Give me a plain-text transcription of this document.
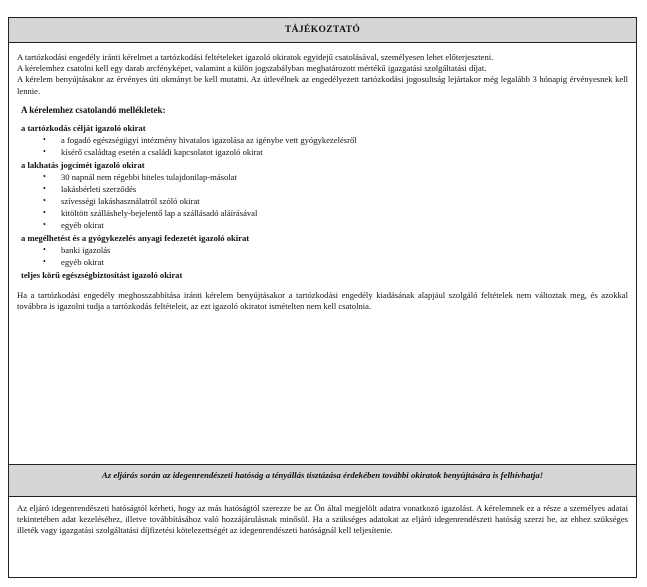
TÁJÉKOZTATÓ

A tartózkodási engedély iránti kérelmet a tartózkodási feltételeket igazoló okiratok egyidejű csatolásával, személyesen lehet előterjeszteni.

A kérelemhez csatolni kell egy darab arcfényképet, valamint a külön jogszabályban meghatározott mértékű igazgatási szolgáltatási díjat.

A kérelem benyújtásakor az érvényes úti okmányt be kell mutatni. Az útlevélnek az engedélyezett tartózkodási jogosultság lejártakor még legalább 3 hónapig érvényesnek kell lennie.

A kérelemhez csatolandó mellékletek:
a tartózkodás célját igazoló okirat
• a fogadó egészségügyi intézmény hivatalos igazolása az igénybe vett gyógykezelésről
• kísérő családtag esetén a családi kapcsolatot igazoló okirat
a lakhatás jogcímét igazoló okirat
• 30 napnál nem régebbi hiteles tulajdonilap-másolat
• lakásbérleti szerződés
• szívességi lakáshasználatról szóló okirat
• kitöltött szálláshely-bejelentő lap a szállásadó aláírásával
• egyéb okirat
a megélhetést és a gyógykezelés anyagi fedezetét igazoló okirat
• banki igazolás
• egyéb okirat
teljes körű egészségbiztosítást igazoló okirat

Ha a tartózkodási engedély meghosszabbítása iránti kérelem benyújtásakor a tartózkodási engedély kiadásának alapjául szolgáló feltételek nem változtak meg, és azokkal továbbra is igazolni tudja a tartózkodás feltételeit, az ezt igazoló okiratot ismételten nem kell csatolnia.

Az eljárás során az idegenrendészeti hatóság a tényállás tisztázása érdekében további okiratok benyújtására is felhívhatja!
Az eljáró idegenrendészeti hatóságtól kérheti, hogy az más hatóságtól szerezze be az Ön által megjelölt adatra vonatkozó igazolást. A kérelemnek ez a része a személyes adatai tekintetében adat kezeléséhez, illetve továbbításához való hozzájárulásnak minősül. Ha a szükséges adatokat az eljáró idegenrendészeti hatóság szerzi be, az ehhez szükséges illeték vagy igazgatási szolgáltatási díjfizetési kötelezettségét az idegenrendészeti hatóságnál kell teljesítenie.
